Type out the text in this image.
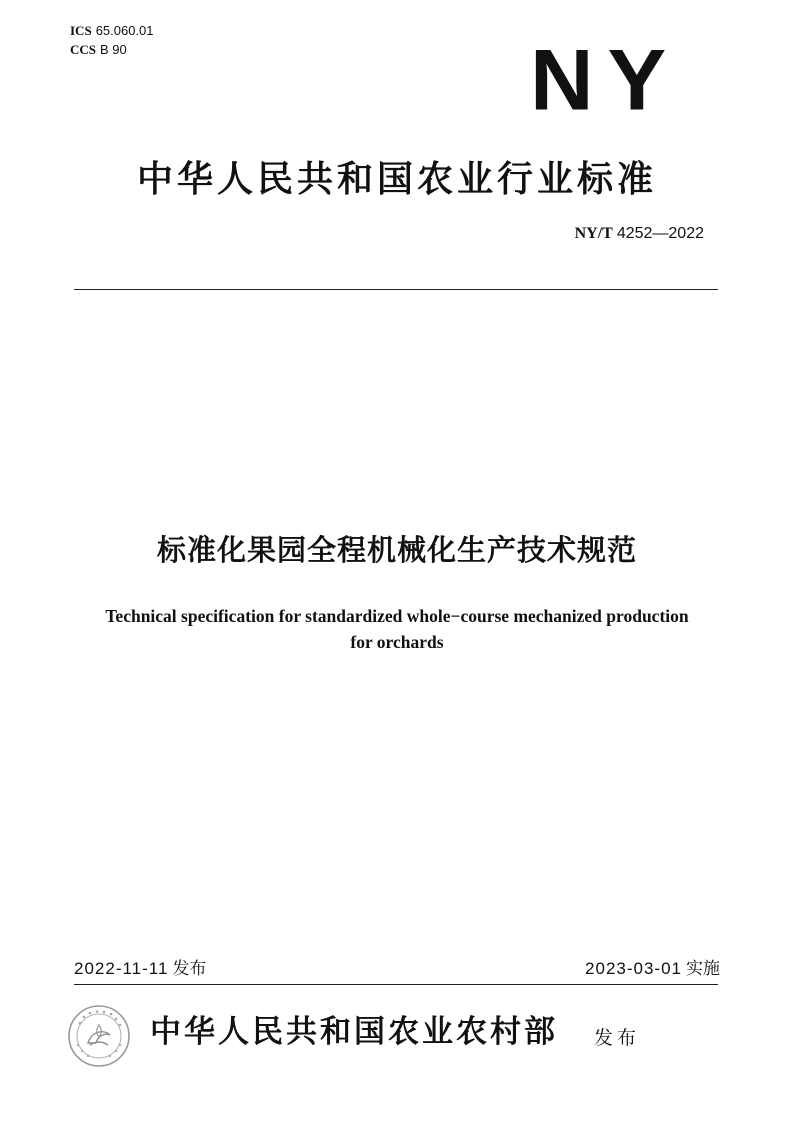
ICS 65.060.01
CCS B 90	NY
中华人民共和国农业行业标准
NY/T 4252—2022
标准化果园全程机械化生产技术规范
Technical specification for standardized whole−course mechanized production
for orchards
2022-11-11 发布	2023-03-01 实施
中华人民共和国农业农村部 发布
